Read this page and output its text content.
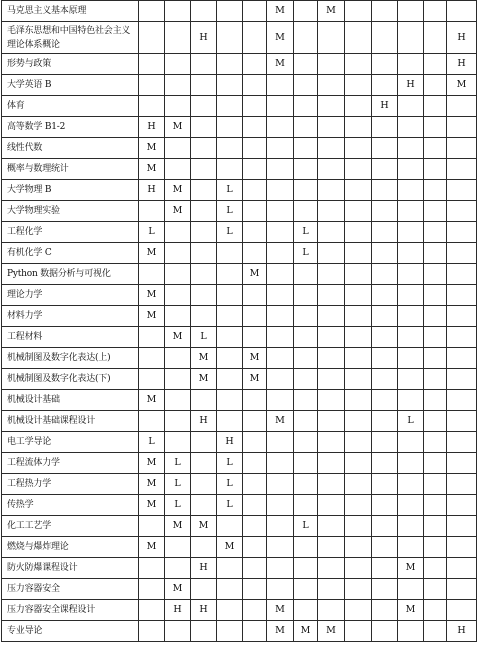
马克思主义基本原理						M		M					
毛泽东思想和中国特色社会主义理论体系概论			H			M							H
形势与政策						M							H
大学英语 B											H		M
体育										H			
高等数学 B1-2	H	M											
线性代数	M												
概率与数理统计	M												
大学物理 B	H	M		L									
大学物理实验		M		L									
工程化学	L			L			L						
有机化学 C	M						L						
Python 数据分析与可视化					M								
理论力学	M												
材料力学	M												
工程材料		M	L										
机械制图及数字化表达(上)			M		M								
机械制图及数字化表达(下)			M		M								
机械设计基础	M												
机械设计基础课程设计			H			M					L		
电工学导论	L			H									
工程流体力学	M	L		L									
工程热力学	M	L		L									
传热学	M	L		L									
化工工艺学		M	M				L						
燃烧与爆炸理论	M			M									
防火防爆课程设计			H								M		
压力容器安全		M											
压力容器安全课程设计		H	H			M					M		
专业导论						M	M	M					H
